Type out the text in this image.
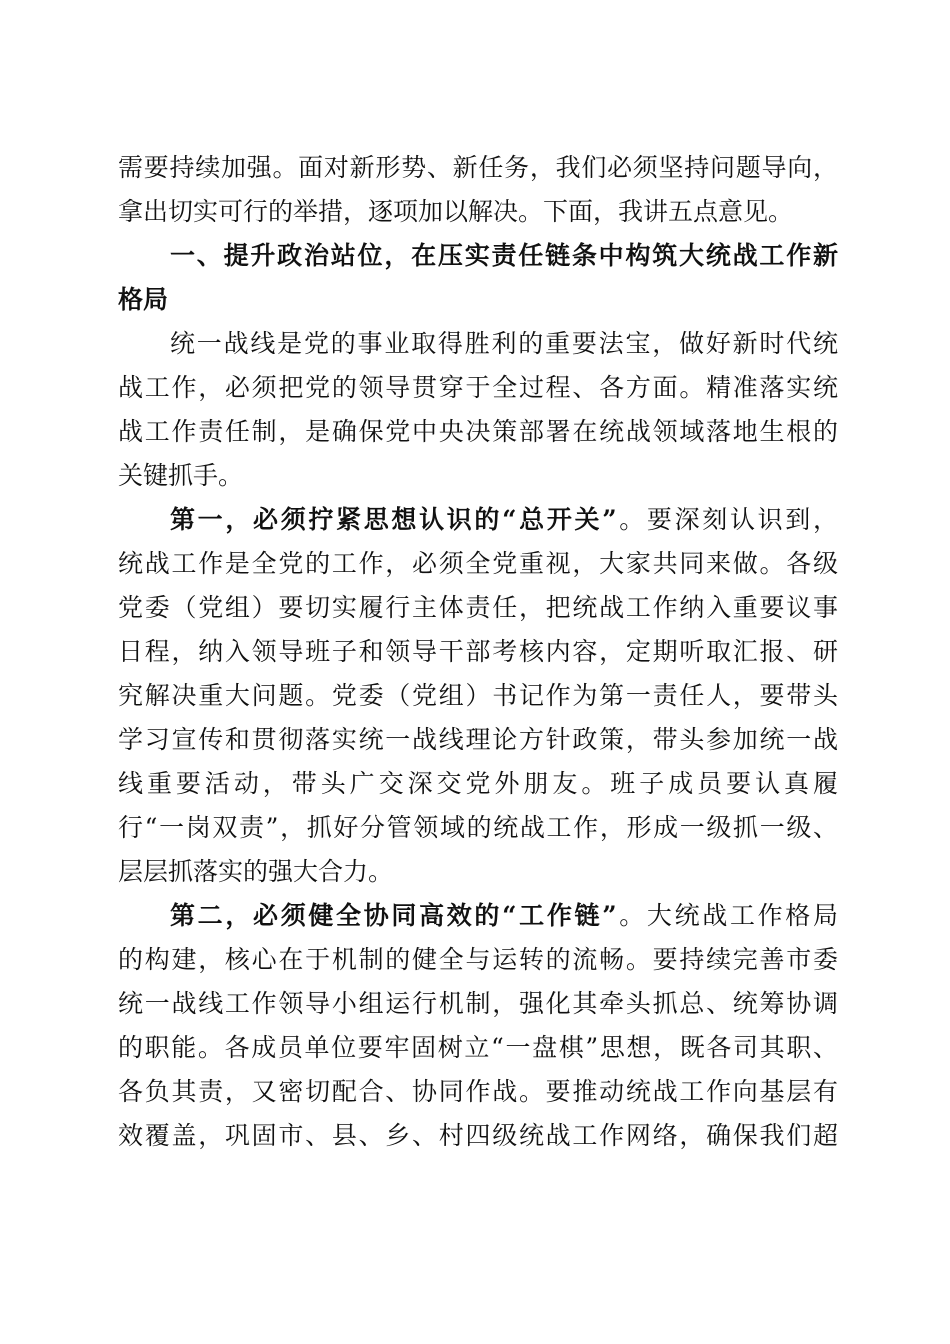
需要持续加强。面对新形势、新任务，我们必须坚持问题导向，
拿出切实可行的举措，逐项加以解决。下面，我讲五点意见。
一、提升政治站位，在压实责任链条中构筑大统战工作新
格局
统一战线是党的事业取得胜利的重要法宝，做好新时代统
战工作，必须把党的领导贯穿于全过程、各方面。精准落实统
战工作责任制，是确保党中央决策部署在统战领域落地生根的
关键抓手。
第一，必须拧紧思想认识的“总开关”。要深刻认识到，
统战工作是全党的工作，必须全党重视，大家共同来做。各级
党委（党组）要切实履行主体责任，把统战工作纳入重要议事
日程，纳入领导班子和领导干部考核内容，定期听取汇报、研
究解决重大问题。党委（党组）书记作为第一责任人，要带头
学习宣传和贯彻落实统一战线理论方针政策，带头参加统一战
线重要活动，带头广交深交党外朋友。班子成员要认真履
行“一岗双责”，抓好分管领域的统战工作，形成一级抓一级、
层层抓落实的强大合力。
第二，必须健全协同高效的“工作链”。大统战工作格局
的构建，核心在于机制的健全与运转的流畅。要持续完善市委
统一战线工作领导小组运行机制，强化其牵头抓总、统筹协调
的职能。各成员单位要牢固树立“一盘棋”思想，既各司其职、
各负其责，又密切配合、协同作战。要推动统战工作向基层有
效覆盖，巩固市、县、乡、村四级统战工作网络，确保我们超
